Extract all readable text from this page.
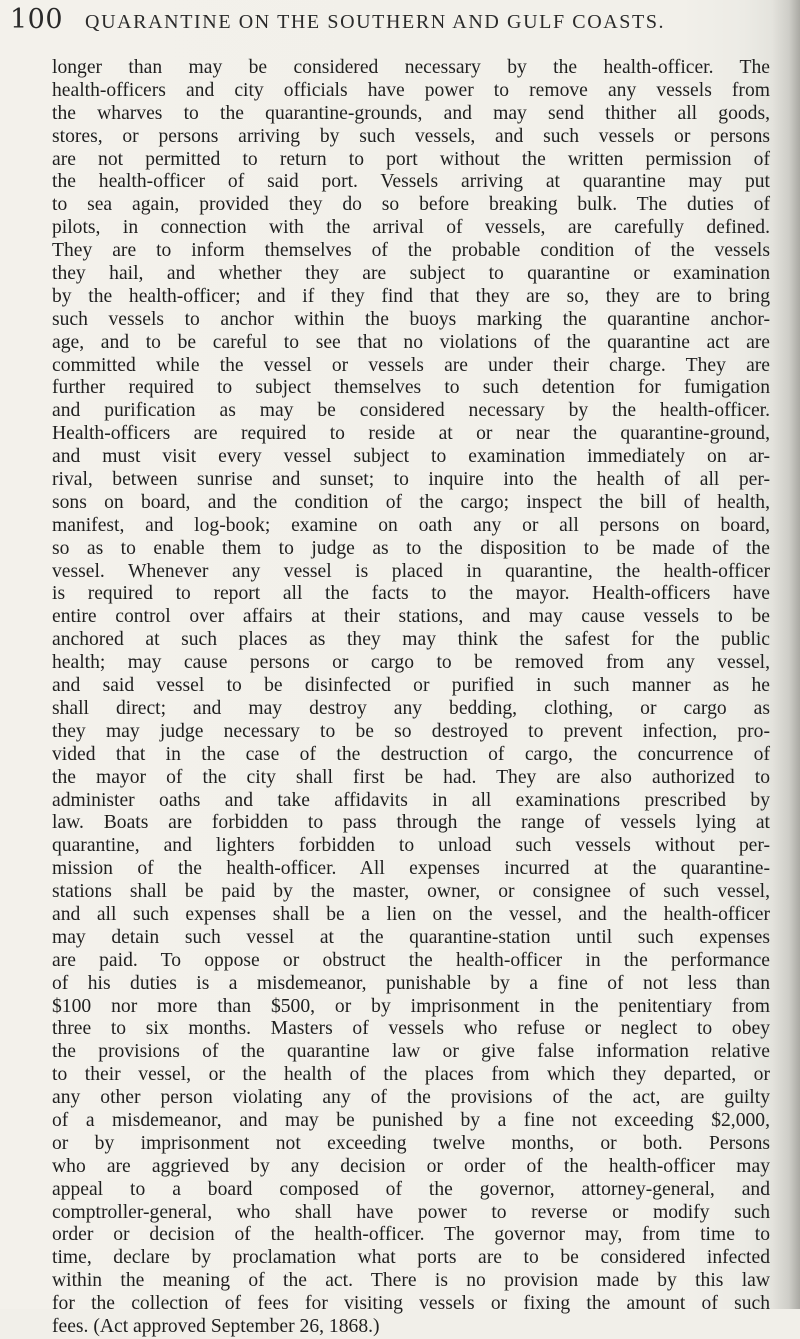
100 QUARANTINE ON THE SOUTHERN AND GULF COASTS.
longer than may be considered necessary by the health-officer. The
health-officers and city officials have power to remove any vessels from
the wharves to the quarantine-grounds, and may send thither all goods,
stores, or persons arriving by such vessels, and such vessels or persons
are not permitted to return to port without the written permission of
the health-officer of said port. Vessels arriving at quarantine may put
to sea again, provided they do so before breaking bulk. The duties of
pilots, in connection with the arrival of vessels, are carefully defined.
They are to inform themselves of the probable condition of the vessels
they hail, and whether they are subject to quarantine or examination
by the health-officer; and if they find that they are so, they are to bring
such vessels to anchor within the buoys marking the quarantine anchor-
age, and to be careful to see that no violations of the quarantine act are
committed while the vessel or vessels are under their charge. They are
further required to subject themselves to such detention for fumigation
and purification as may be considered necessary by the health-officer.
Health-officers are required to reside at or near the quarantine-ground,
and must visit every vessel subject to examination immediately on ar-
rival, between sunrise and sunset; to inquire into the health of all per-
sons on board, and the condition of the cargo; inspect the bill of health,
manifest, and log-book; examine on oath any or all persons on board,
so as to enable them to judge as to the disposition to be made of the
vessel. Whenever any vessel is placed in quarantine, the health-officer
is required to report all the facts to the mayor. Health-officers have
entire control over affairs at their stations, and may cause vessels to be
anchored at such places as they may think the safest for the public
health; may cause persons or cargo to be removed from any vessel,
and said vessel to be disinfected or purified in such manner as he
shall direct; and may destroy any bedding, clothing, or cargo as
they may judge necessary to be so destroyed to prevent infection, pro-
vided that in the case of the destruction of cargo, the concurrence of
the mayor of the city shall first be had. They are also authorized to
administer oaths and take affidavits in all examinations prescribed by
law. Boats are forbidden to pass through the range of vessels lying at
quarantine, and lighters forbidden to unload such vessels without per-
mission of the health-officer. All expenses incurred at the quarantine-
stations shall be paid by the master, owner, or consignee of such vessel,
and all such expenses shall be a lien on the vessel, and the health-officer
may detain such vessel at the quarantine-station until such expenses
are paid. To oppose or obstruct the health-officer in the performance
of his duties is a misdemeanor, punishable by a fine of not less than
$100 nor more than $500, or by imprisonment in the penitentiary from
three to six months. Masters of vessels who refuse or neglect to obey
the provisions of the quarantine law or give false information relative
to their vessel, or the health of the places from which they departed, or
any other person violating any of the provisions of the act, are guilty
of a misdemeanor, and may be punished by a fine not exceeding $2,000,
or by imprisonment not exceeding twelve months, or both. Persons
who are aggrieved by any decision or order of the health-officer may
appeal to a board composed of the governor, attorney-general, and
comptroller-general, who shall have power to reverse or modify such
order or decision of the health-officer. The governor may, from time to
time, declare by proclamation what ports are to be considered infected
within the meaning of the act. There is no provision made by this law
for the collection of fees for visiting vessels or fixing the amount of such
fees. (Act approved September 26, 1868.)
